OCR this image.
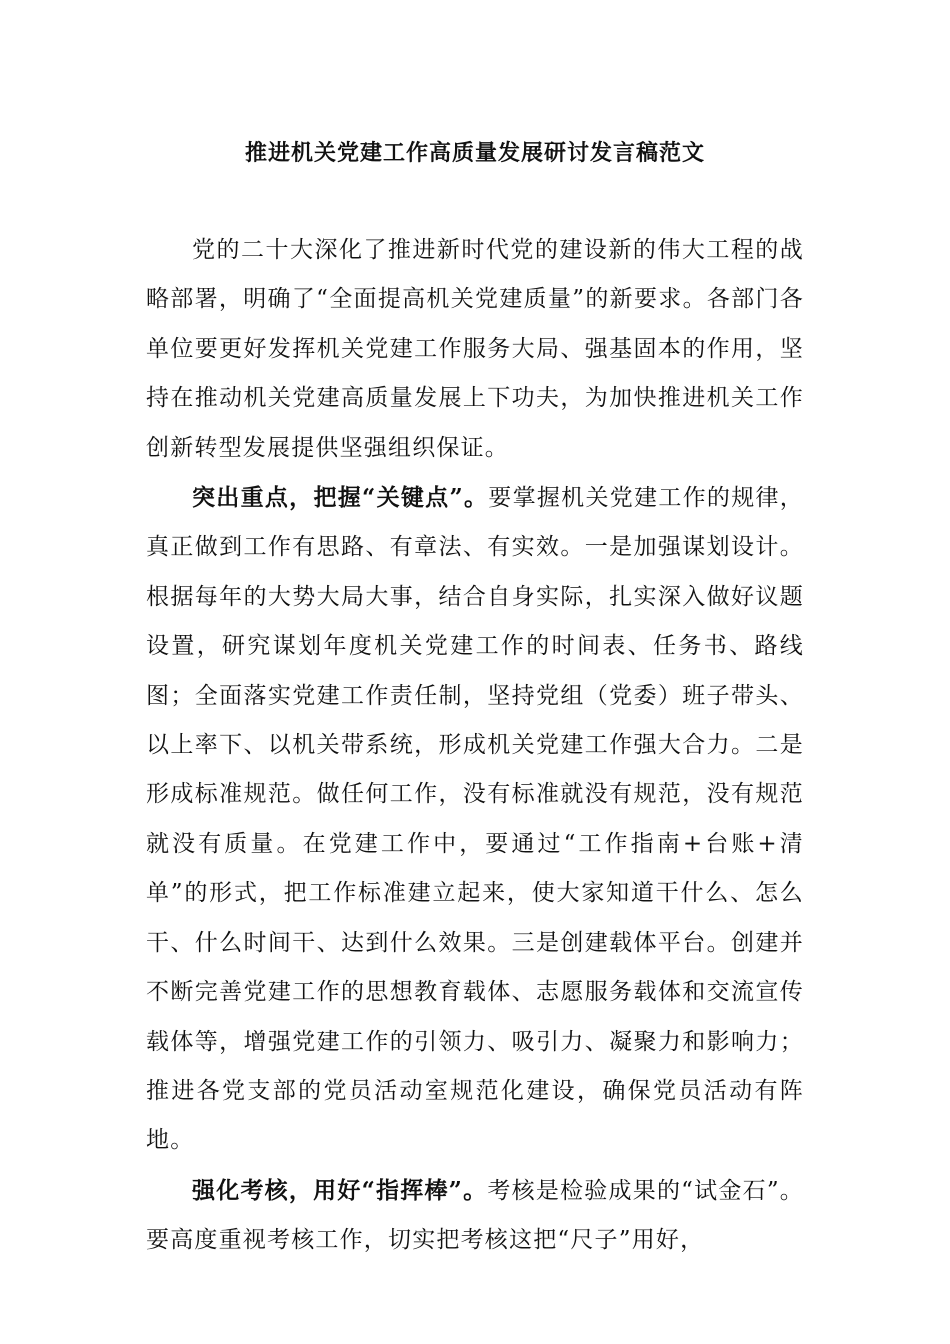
推进机关党建工作高质量发展研讨发言稿范文

党的二十大深化了推进新时代党的建设新的伟大工程的战略部署，明确了“全面提高机关党建质量”的新要求。各部门各单位要更好发挥机关党建工作服务大局、强基固本的作用，坚持在推动机关党建高质量发展上下功夫，为加快推进机关工作创新转型发展提供坚强组织保证。

突出重点，把握“关键点”。要掌握机关党建工作的规律，真正做到工作有思路、有章法、有实效。一是加强谋划设计。根据每年的大势大局大事，结合自身实际，扎实深入做好议题设置，研究谋划年度机关党建工作的时间表、任务书、路线图；全面落实党建工作责任制，坚持党组（党委）班子带头、以上率下、以机关带系统，形成机关党建工作强大合力。二是形成标准规范。做任何工作，没有标准就没有规范，没有规范就没有质量。在党建工作中，要通过“工作指南+台账+清单”的形式，把工作标准建立起来，使大家知道干什么、怎么干、什么时间干、达到什么效果。三是创建载体平台。创建并不断完善党建工作的思想教育载体、志愿服务载体和交流宣传载体等，增强党建工作的引领力、吸引力、凝聚力和影响力；推进各党支部的党员活动室规范化建设，确保党员活动有阵地。

强化考核，用好“指挥棒”。考核是检验成果的“试金石”。要高度重视考核工作，切实把考核这把“尺子”用好，
